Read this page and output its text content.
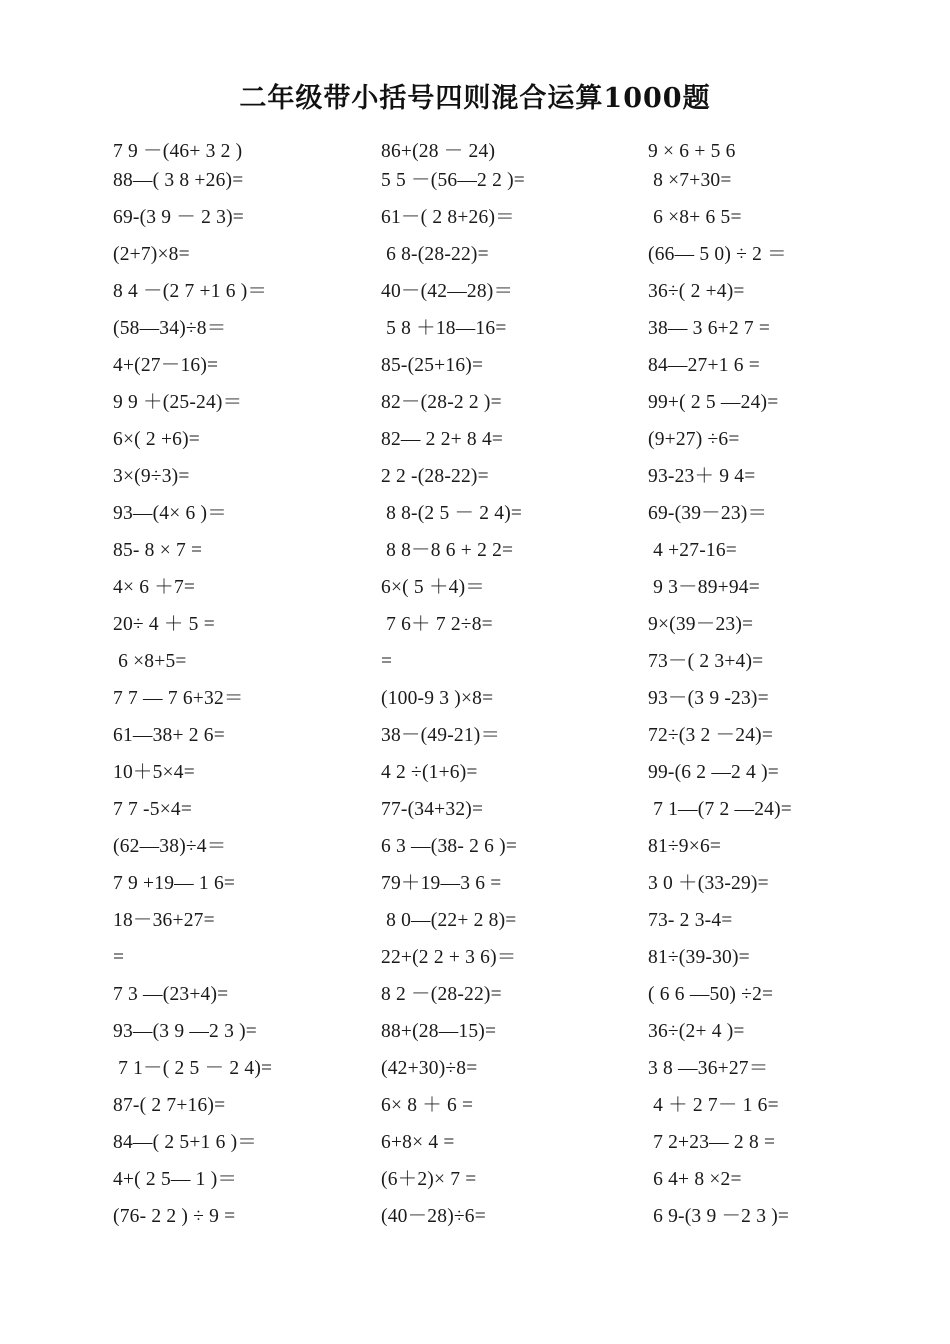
二年级带小括号四则混合运算1000题
7 9 －(46+ 3 2 )
88—( 3 8 +26)=
69-(3 9 － 2 3)=
(2+7)×8=
8 4 －(2 7 +1 6 )＝
(58—34)÷8＝
4+(27－16)=
9 9 ＋(25-24)＝
6×( 2 +6)=
3×(9÷3)=
93—(4× 6 )＝
85- 8 × 7 =
4× 6 ＋7=
20÷ 4 ＋ 5 =
6 ×8+5=
7 7 — 7 6+32＝
61—38+ 2 6=
10＋5×4=
7 7 -5×4=
(62—38)÷4＝
7 9 +19— 1 6=
18－36+27=
=
7 3 —(23+4)=
93—(3 9 —2 3 )=
7 1－( 2 5 － 2 4)=
87-( 2 7+16)=
84—( 2 5+1 6 )＝
4+( 2 5— 1 )＝
(76- 2 2 ) ÷ 9 =
86+(28 － 24)
5 5 －(56—2 2 )=
61－( 2 8+26)＝
6 8-(28-22)=
40－(42—28)＝
5 8 ＋18—16=
85-(25+16)=
82－(28-2 2 )=
82— 2 2+ 8 4=
2 2 -(28-22)=
8 8-(2 5 － 2 4)=
8 8－8 6 + 2 2=
6×( 5 ＋4)＝
7 6＋ 7 2÷8=
=
(100-9 3 )×8=
38－(49-21)＝
4 2 ÷(1+6)=
77-(34+32)=
6 3 —(38- 2 6 )=
79＋19—3 6 =
8 0—(22+ 2 8)=
22+(2 2 + 3 6)＝
8 2 －(28-22)=
88+(28—15)=
(42+30)÷8=
6× 8 ＋ 6 =
6+8× 4 =
(6＋2)× 7 =
(40－28)÷6=
9 × 6 + 5 6
8 ×7+30=
6 ×8+ 6 5=
(66— 5 0) ÷ 2 ＝
36÷( 2 +4)=
38— 3 6+2 7 =
84—27+1 6 =
99+( 2 5 —24)=
(9+27) ÷6=
93-23＋ 9 4=
69-(39－23)＝
4 +27-16=
9 3－89+94=
9×(39－23)=
73－( 2 3+4)=
93－(3 9 -23)=
72÷(3 2 －24)=
99-(6 2 —2 4 )=
7 1—(7 2 —24)=
81÷9×6=
3 0 ＋(33-29)=
73- 2 3-4=
81÷(39-30)=
( 6 6 —50) ÷2=
36÷(2+ 4 )=
3 8 —36+27＝
4 ＋ 2 7－ 1 6=
7 2+23— 2 8 =
6 4+ 8 ×2=
6 9-(3 9 －2 3 )=
